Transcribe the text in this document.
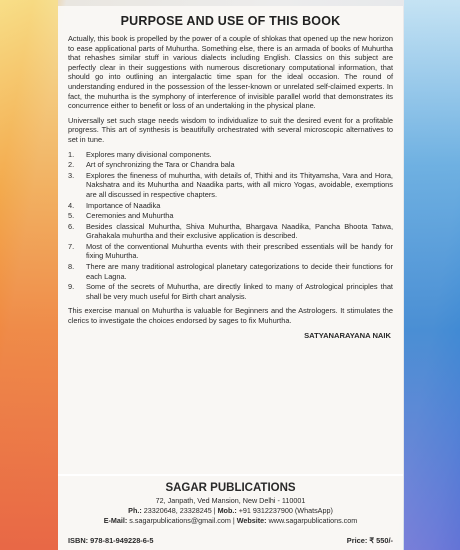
PURPOSE AND USE OF THIS BOOK

Actually, this book is propelled by the power of a couple of shlokas that opened up the new horizon to ease applicational parts of Muhurtha. Something else, there is an armada of books of Muhurtha that rehashes similar stuff in various dialects including English. Classics on this subject are perfectly clear in their suggestions with numerous discretionary computational information, that should go into outlining an intergalactic time span for the ideal occasion. The round of understanding endured in the possession of the lesser-known or unrelated self-claimed experts. In fact, the muhurtha is the symphony of interference of invisible parallel world that demonstrates its concurrence either to benefit or loss of an undertaking in the physical plane.

Universally set such stage needs wisdom to individualize to suit the desired event for a profitable progress. This art of synthesis is beautifully orchestrated with several microscopic alternatives to set in tune.

1.	Explores many divisional components.
2.	Art of synchronizing the Tara or Chandra bala
3.	Explores the fineness of muhurtha, with details of, Thithi and its Thityamsha, Vara and Hora, Nakshatra and its Muhurtha and Naadika parts, with all micro Yogas, avoidable, exemptions are all discussed in respective chapters.
4.	Importance of Naadika
5.	Ceremonies and Muhurtha
6.	Besides classical Muhurtha, Shiva Muhurtha, Bhargava Naadika, Pancha Bhoota Tatwa, Grahakala muhurtha and their exclusive application is described.
7.	Most of the conventional Muhurtha events with their prescribed essentials will be handy for fixing Muhurtha.
8.	There are many traditional astrological planetary categorizations to decide their functions for each Lagna.
9.	Some of the secrets of Muhurtha, are directly linked to many of Astrological principles that shall be very much useful for Birth chart analysis.

This exercise manual on Muhurtha is valuable for Beginners and the Astrologers. It stimulates the clerics to investigate the choices endorsed by sages to fix Muhurtha.

SATYANARAYANA NAIK
SAGAR PUBLICATIONS
72, Janpath, Ved Mansion, New Delhi - 110001
Ph.: 23320648, 23328245 | Mob.: +91 9312237900 (WhatsApp)
E-Mail: s.sagarpublications@gmail.com | Website: www.sagarpublications.com
ISBN: 978-81-949228-6-5	Price: ₹ 550/-
